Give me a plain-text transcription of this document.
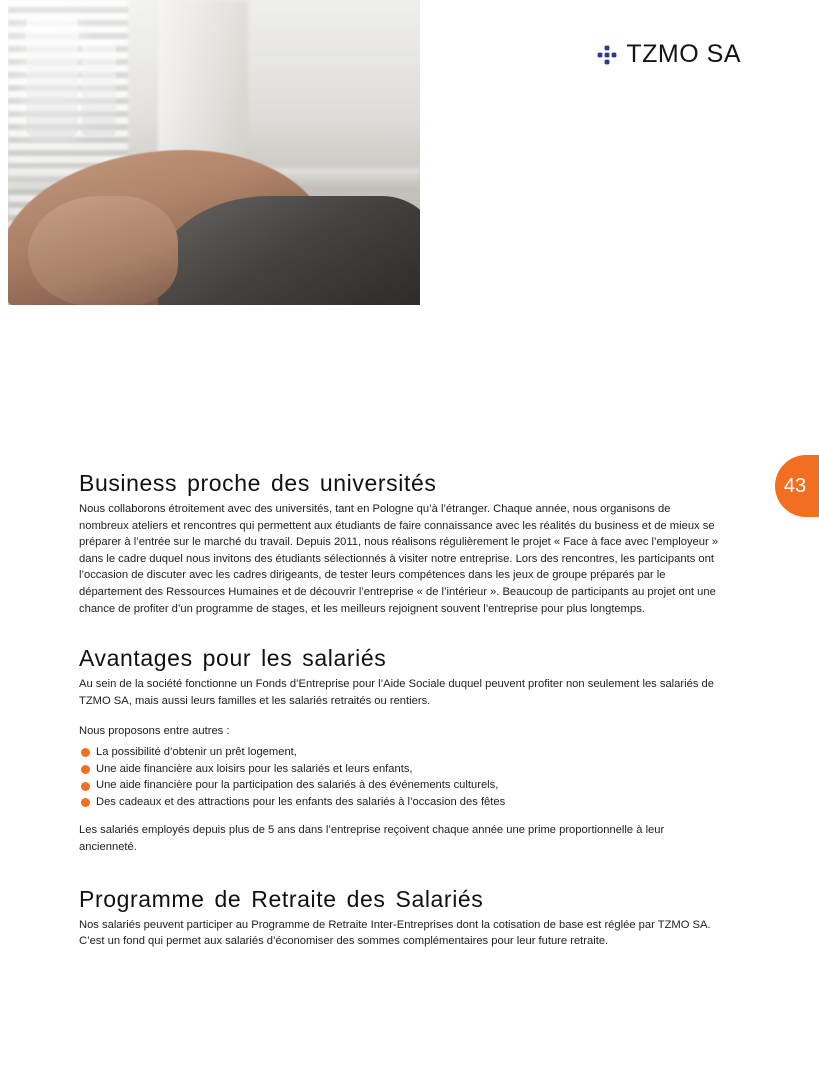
TZMO SA
43
Business proche des universités

Nous collaborons étroitement avec des universités, tant en Pologne qu’à l’étranger. Chaque année, nous organisons de nombreux ateliers et rencontres qui permettent aux étudiants de faire connaissance avec les réalités du business et de mieux se préparer à l’entrée sur le marché du travail. Depuis 2011, nous réalisons régulièrement le projet « Face à face avec l’employeur » dans le cadre duquel nous invitons des étudiants sélectionnés à visiter notre entreprise. Lors des rencontres, les participants ont l’occasion de discuter avec les cadres dirigeants, de tester leurs compétences dans les jeux de groupe préparés par le département des Ressources Humaines et de découvrir l’entreprise « de l’intérieur ». Beaucoup de participants au projet ont une chance de profiter d’un programme de stages, et les meilleurs rejoignent souvent l’entreprise pour plus longtemps.

Avantages pour les salariés

Au sein de la société fonctionne un Fonds d’Entreprise pour l’Aide Sociale duquel peuvent profiter non seulement les salariés de TZMO SA, mais aussi leurs familles et les salariés retraités ou rentiers.

Nous proposons entre autres :

La possibilité d’obtenir un prêt logement,
Une aide financière aux loisirs pour les salariés et leurs enfants,
Une aide financière pour la participation des salariés à des événements culturels,
Des cadeaux et des attractions pour les enfants des salariés à l’occasion des fêtes

Les salariés employés depuis plus de 5 ans dans l’entreprise reçoivent chaque année une prime proportionnelle à leur ancienneté.

Programme de Retraite des Salariés

Nos salariés peuvent participer au Programme de Retraite Inter-Entreprises dont la cotisation de base est réglée par TZMO SA. C’est un fond qui permet aux salariés d’économiser des sommes complémentaires pour leur future retraite.
